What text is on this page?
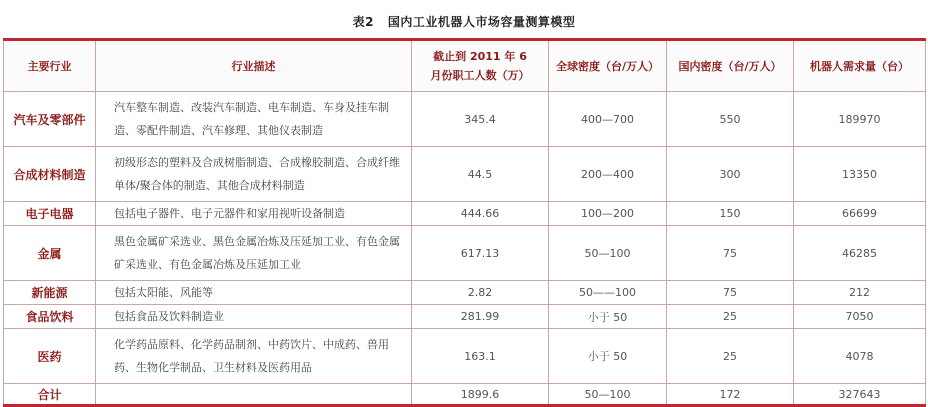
表2 国内工业机器人市场容量测算模型
主要行业	行业描述	截止到 2011 年 6 月份职工人数（万）	全球密度（台/万人）	国内密度（台/万人）	机器人需求量（台）
汽车及零部件	汽车整车制造、改装汽车制造、电车制造、车身及挂车制造、零配件制造、汽车修理、其他仪表制造	345.4	400—700	550	189970
合成材料制造	初级形态的塑料及合成树脂制造、合成橡胶制造、合成纤维单体/聚合体的制造、其他合成材料制造	44.5	200—400	300	13350
电子电器	包括电子器件、电子元器件和家用视听设备制造	444.66	100—200	150	66699
金属	黑色金属矿采选业、黑色金属冶炼及压延加工业、有色金属矿采选业、有色金属冶炼及压延加工业	617.13	50—100	75	46285
新能源	包括太阳能、风能等	2.82	50——100	75	212
食品饮料	包括食品及饮料制造业	281.99	小于 50	25	7050
医药	化学药品原料、化学药品制剂、中药饮片、中成药、兽用药、生物化学制品、卫生材料及医药用品	163.1	小于 50	25	4078
合计		1899.6	50—100	172	327643
